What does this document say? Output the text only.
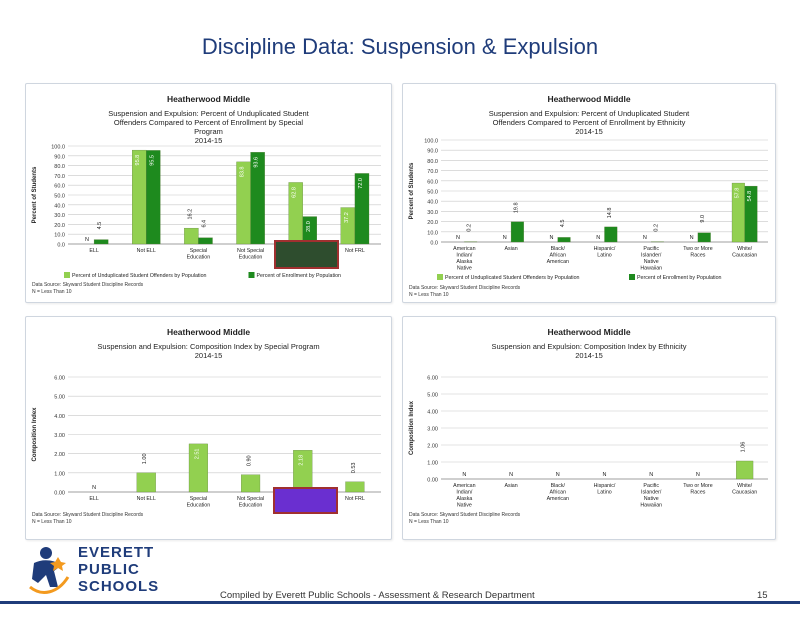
Discipline Data: Suspension & Expulsion
Heatherwood Middle
Suspension and Expulsion: Percent of Unduplicated Student
Offenders Compared to Percent of Enrollment by Special
Program
2014-15
0.0
10.0
20.0
30.0
40.0
50.0
60.0
70.0
80.0
90.0
100.0
Percent of Students
N
4.5
ELL
95.8 95.5
Not ELL
16.2
6.4
Special
Education
83.8
93.6
Not Special
Education
62.8
28.0
37.2
72.0
Not FRL
Percent of Unduplicated Student Offenders by Population	Percent of Enrollment by Population
Data Source: Skyward Student Discipline Records
N = Less Than 10
Heatherwood Middle
Suspension and Expulsion: Percent of Unduplicated Student
Offenders Compared to Percent of Enrollment by Ethnicity
2014-15
0.0
10.0
20.0
30.0
40.0
50.0
60.0
70.0
80.0
90.0
100.0
Percent of Students
N
0.2
American
Indian/
Alaska
Native
N
19.8
Asian
N
4.5
Black/
African
American
N
14.8
Hispanic/
Latino
N
0.2
Pacific
Islander/
Native
Hawaiian
N
9.0
Two or More
Races
57.8 54.8
White/
Caucasian
Percent of Unduplicated Student Offenders by Population	Percent of Enrollment by Population
Data Source: Skyward Student Discipline Records
N = Less Than 10
Heatherwood Middle
Suspension and Expulsion: Composition Index by Special Program
2014-15
0.00
1.00
2.00
3.00
4.00
5.00
6.00
Composition Index
N
ELL
1.00
Not ELL
2.51
Special
Education
0.90
Not Special
Education
2.18
0.53
Not FRL
Data Source: Skyward Student Discipline Records
N = Less Than 10
Heatherwood Middle
Suspension and Expulsion: Composition Index by Ethnicity
2014-15
0.00
1.00
2.00
3.00
4.00
5.00
6.00
Composition Index
N
American
Indian/
Alaska
Native
N
Asian
N
Black/
African
American
N
Hispanic/
Latino
N
Pacific
Islander/
Native
Hawaiian
N
Two or More
Races
1.06
White/
Caucasian
Data Source: Skyward Student Discipline Records
N = Less Than 10
EVERETT
PUBLIC
SCHOOLS
Compiled by Everett Public Schools - Assessment & Research Department	15
